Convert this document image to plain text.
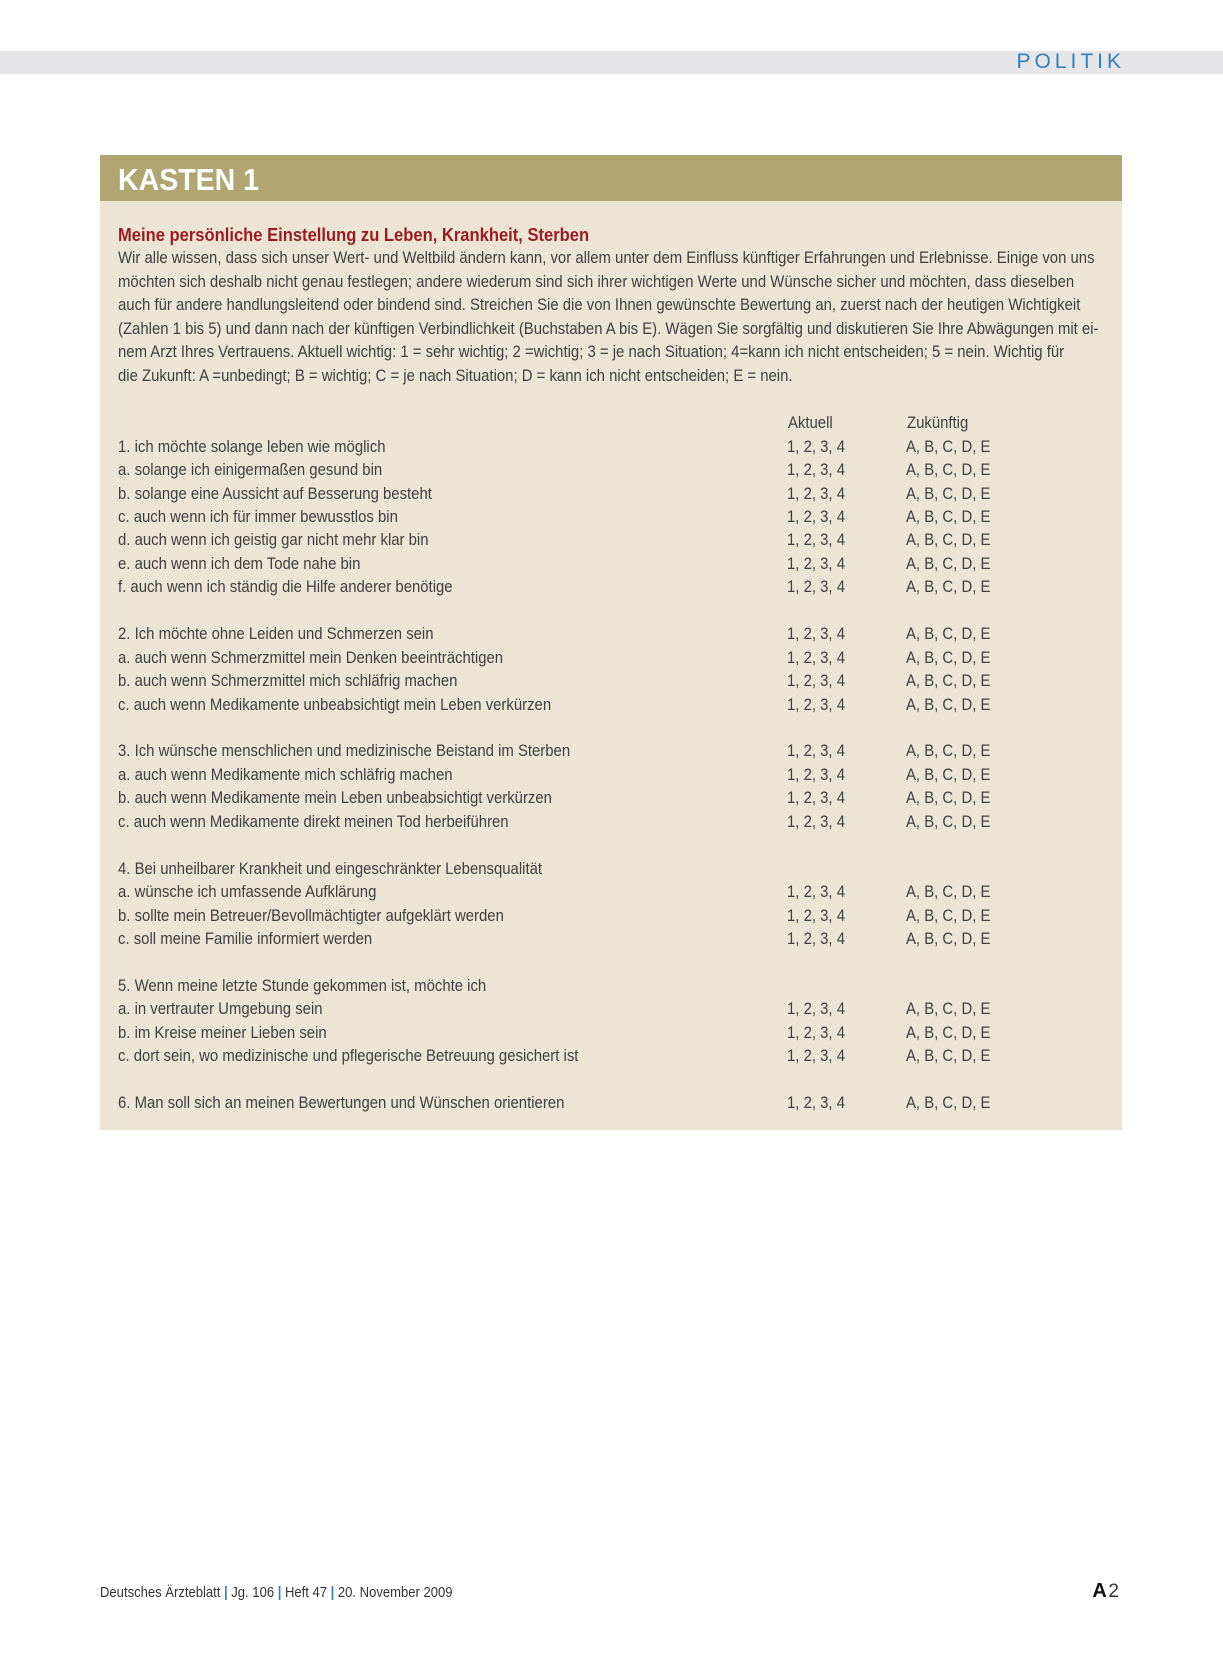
POLITIK
KASTEN 1
Meine persönliche Einstellung zu Leben, Krankheit, Sterben
Wir alle wissen, dass sich unser Wert- und Weltbild ändern kann, vor allem unter dem Einfluss künftiger Erfahrungen und Erlebnisse. Einige von uns
möchten sich deshalb nicht genau festlegen; andere wiederum sind sich ihrer wichtigen Werte und Wünsche sicher und möchten, dass dieselben
auch für andere handlungsleitend oder bindend sind. Streichen Sie die von Ihnen gewünschte Bewertung an, zuerst nach der heutigen Wichtigkeit
(Zahlen 1 bis 5) und dann nach der künftigen Verbindlichkeit (Buchstaben A bis E). Wägen Sie sorgfältig und diskutieren Sie Ihre Abwägungen mit ei-
nem Arzt Ihres Vertrauens. Aktuell wichtig: 1 = sehr wichtig; 2 =wichtig; 3 = je nach Situation; 4=kann ich nicht entscheiden; 5 = nein. Wichtig für
die Zukunft: A =unbedingt; B = wichtig; C = je nach Situation; D = kann ich nicht entscheiden; E = nein.
Aktuell	Zukünftig
1. ich möchte solange leben wie möglich	1, 2, 3, 4	A, B, C, D, E
a. solange ich einigermaßen gesund bin	1, 2, 3, 4	A, B, C, D, E
b. solange eine Aussicht auf Besserung besteht	1, 2, 3, 4	A, B, C, D, E
c. auch wenn ich für immer bewusstlos bin	1, 2, 3, 4	A, B, C, D, E
d. auch wenn ich geistig gar nicht mehr klar bin	1, 2, 3, 4	A, B, C, D, E
e. auch wenn ich dem Tode nahe bin	1, 2, 3, 4	A, B, C, D, E
f. auch wenn ich ständig die Hilfe anderer benötige	1, 2, 3, 4	A, B, C, D, E
2. Ich möchte ohne Leiden und Schmerzen sein	1, 2, 3, 4	A, B, C, D, E
a. auch wenn Schmerzmittel mein Denken beeinträchtigen	1, 2, 3, 4	A, B, C, D, E
b. auch wenn Schmerzmittel mich schläfrig machen	1, 2, 3, 4	A, B, C, D, E
c. auch wenn Medikamente unbeabsichtigt mein Leben verkürzen	1, 2, 3, 4	A, B, C, D, E
3. Ich wünsche menschlichen und medizinische Beistand im Sterben	1, 2, 3, 4	A, B, C, D, E
a. auch wenn Medikamente mich schläfrig machen	1, 2, 3, 4	A, B, C, D, E
b. auch wenn Medikamente mein Leben unbeabsichtigt verkürzen	1, 2, 3, 4	A, B, C, D, E
c. auch wenn Medikamente direkt meinen Tod herbeiführen	1, 2, 3, 4	A, B, C, D, E
4. Bei unheilbarer Krankheit und eingeschränkter Lebensqualität
a. wünsche ich umfassende Aufklärung	1, 2, 3, 4	A, B, C, D, E
b. sollte mein Betreuer/Bevollmächtigter aufgeklärt werden	1, 2, 3, 4	A, B, C, D, E
c. soll meine Familie informiert werden	1, 2, 3, 4	A, B, C, D, E
5. Wenn meine letzte Stunde gekommen ist, möchte ich
a. in vertrauter Umgebung sein	1, 2, 3, 4	A, B, C, D, E
b. im Kreise meiner Lieben sein	1, 2, 3, 4	A, B, C, D, E
c. dort sein, wo medizinische und pflegerische Betreuung gesichert ist	1, 2, 3, 4	A, B, C, D, E
6. Man soll sich an meinen Bewertungen und Wünschen orientieren	1, 2, 3, 4	A, B, C, D, E
Deutsches Ärzteblatt | Jg. 106 | Heft 47 | 20. November 2009	A 2
